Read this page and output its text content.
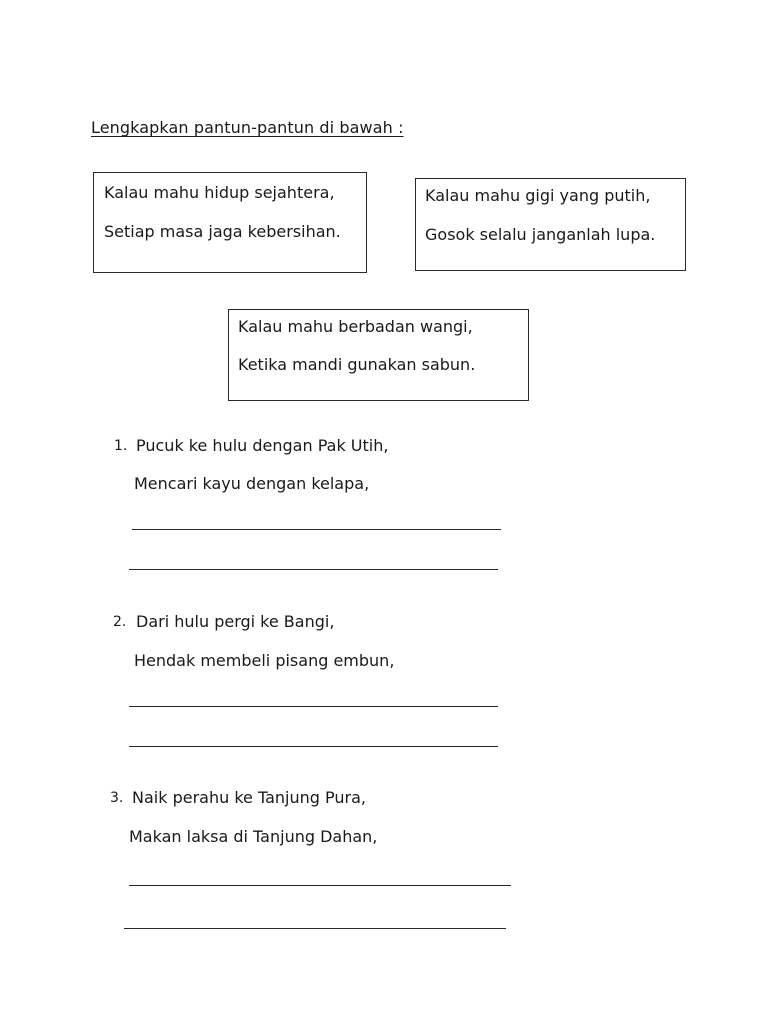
Lengkapkan pantun-pantun di bawah :
Kalau mahu hidup sejahtera,
Setiap masa jaga kebersihan.
Kalau mahu gigi yang putih,
Gosok selalu janganlah lupa.
Kalau mahu berbadan wangi,
Ketika mandi gunakan sabun.
1. Pucuk ke hulu dengan Pak Utih,
Mencari kayu dengan kelapa,
2. Dari hulu pergi ke Bangi,
Hendak membeli pisang embun,
3. Naik perahu ke Tanjung Pura,
Makan laksa di Tanjung Dahan,
